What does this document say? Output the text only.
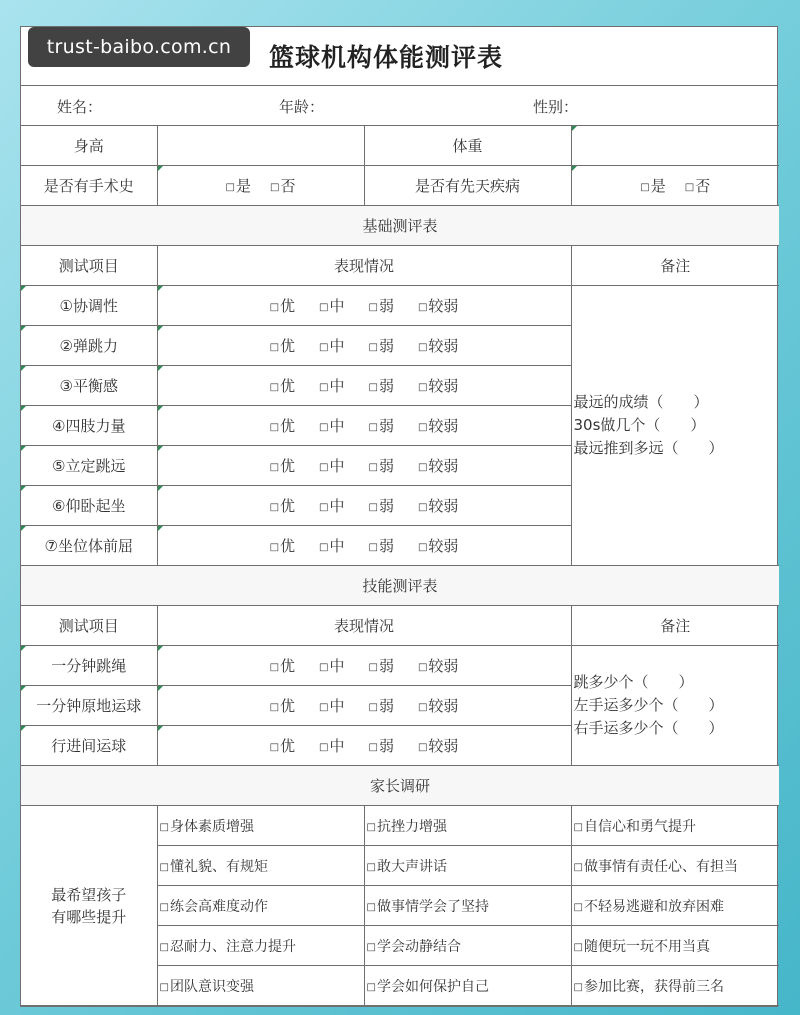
trust-baibo.com.cn	篮球机构体能测评表
姓名：	年龄：	性别：
身高		体重	
是否有手术史	□是 □否	是否有先天疾病	□是 □否
基础测评表			
测试项目	表现情况		备注
①协调性	□优 □中 □弱 □较弱		最远的成绩（　　）
30s做几个（　　）
最远推到多远（　　）

②弹跳力	□优 □中 □弱 □较弱		
③平衡感	□优 □中 □弱 □较弱		
④四肢力量	□优 □中 □弱 □较弱		
⑤立定跳远	□优 □中 □弱 □较弱		
⑥仰卧起坐	□优 □中 □弱 □较弱		
⑦坐位体前屈	□优 □中 □弱 □较弱		
技能测评表			
测试项目	表现情况		备注
一分钟跳绳	□优 □中 □弱 □较弱		跳多少个（　　）
左手运多少个（　　）
右手运多少个（　　）

一分钟原地运球	□优 □中 □弱 □较弱		
行进间运球	□优 □中 □弱 □较弱		
家长调研			

最希望孩子
有哪些提升	□身体素质增强	□抗挫力增强	□自信心和勇气提升
	□懂礼貌、有规矩	□敢大声讲话	□做事情有责任心、有担当
	□练会高难度动作	□做事情学会了坚持	□不轻易逃避和放弃困难
	□忍耐力、注意力提升	□学会动静结合	□随便玩一玩不用当真
	□团队意识变强	□学会如何保护自己	□参加比赛，获得前三名
